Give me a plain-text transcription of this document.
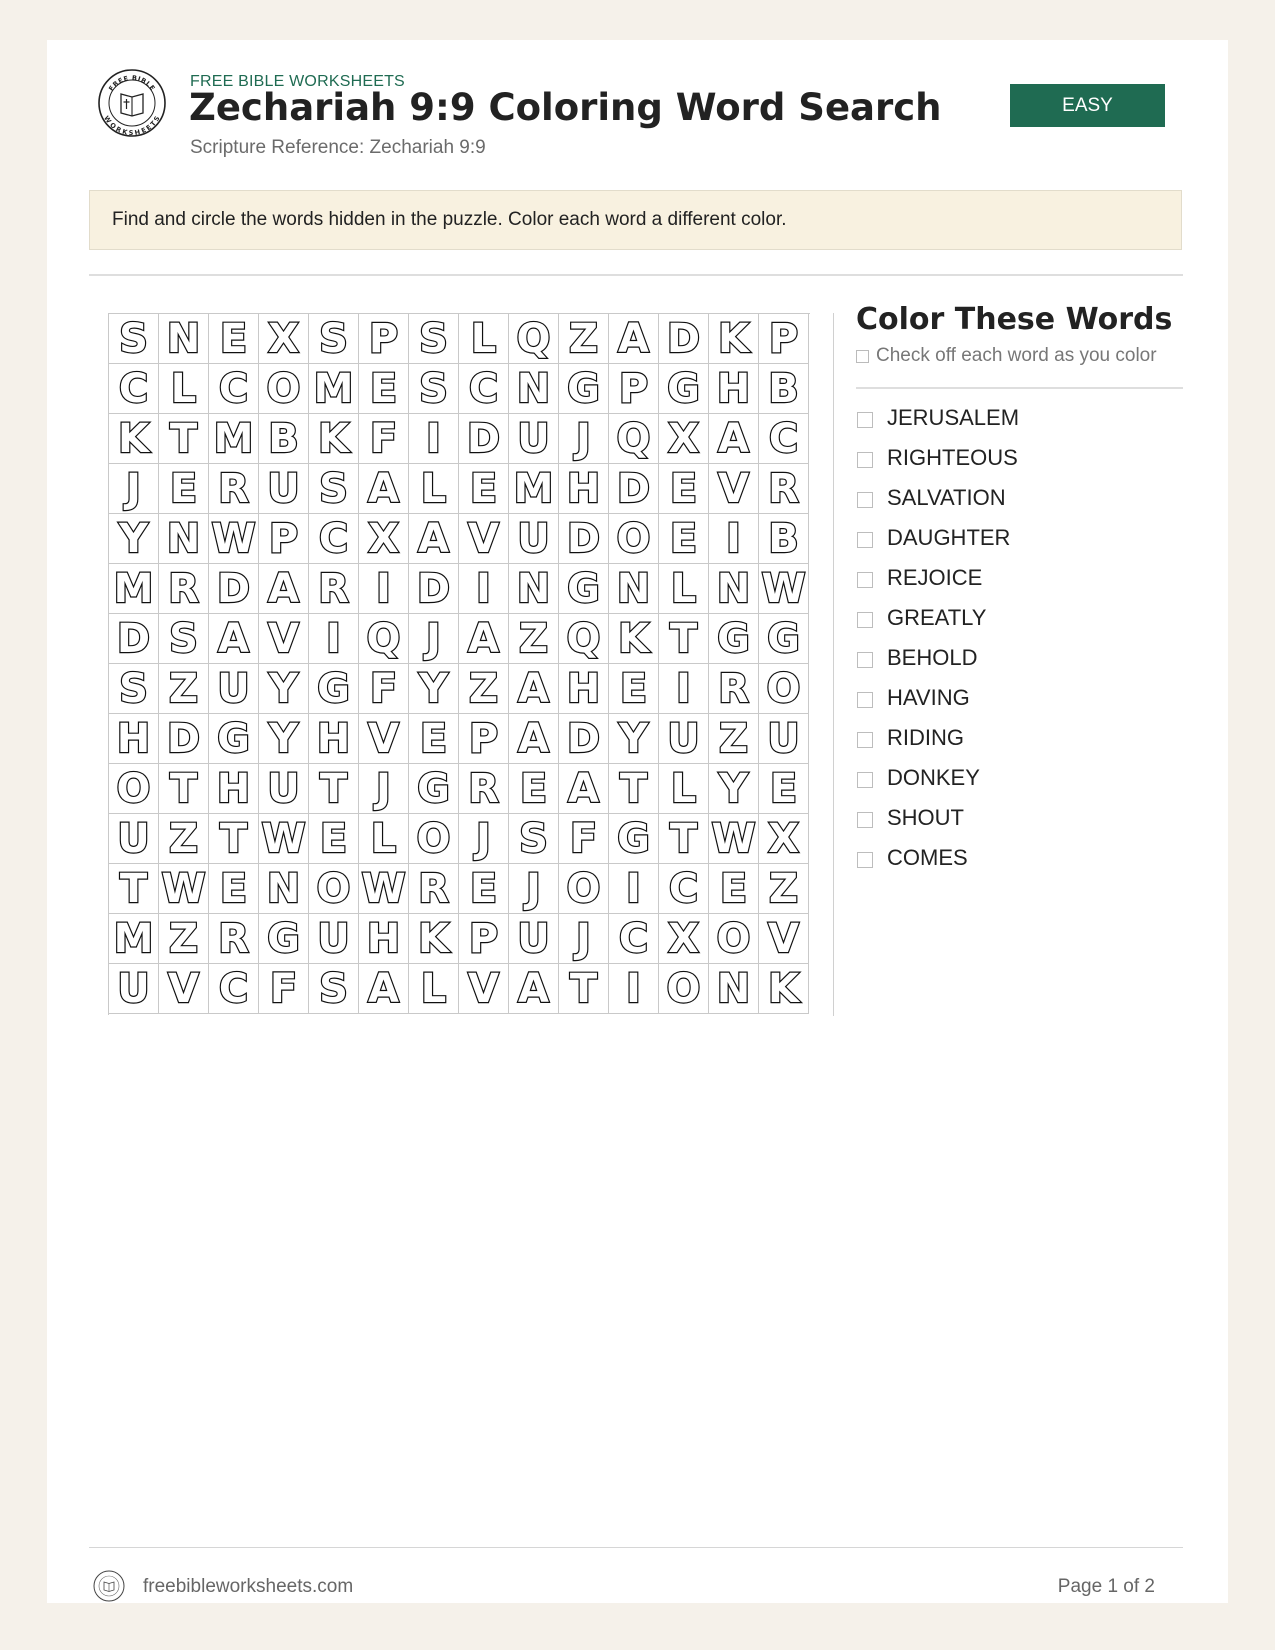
FREE BIBLE
WORKSHEETS
FREE BIBLE WORKSHEETS
Zechariah 9:9 Coloring Word Search
Scripture Reference: Zechariah 9:9
EASY
Find and circle the words hidden in the puzzle. Color each word a different color.
S N E X S P S L Q Z A D K P
C L C O M E S C N G P G H B
K T M B K F I D U J Q X A C
J E R U S A L E M H D E V R
Y N W P C X A V U D O E I B
M R D A R I D I N G N L N W
D S A V I Q J A Z Q K T G G
S Z U Y G F Y Z A H E I R O
H D G Y H V E P A D Y U Z U
O T H U T J G R E A T L Y E
U Z T W E L O J S F G T W X
T W E N O W R E J O I C E Z
M Z R G U H K P U J C X O V
U V C F S A L V A T I O N K
Color These Words
Check off each word as you color
JERUSALEM
RIGHTEOUS
SALVATION
DAUGHTER
REJOICE
GREATLY
BEHOLD
HAVING
RIDING
DONKEY
SHOUT
COMES
freebibleworksheets.com	Page 1 of 2
